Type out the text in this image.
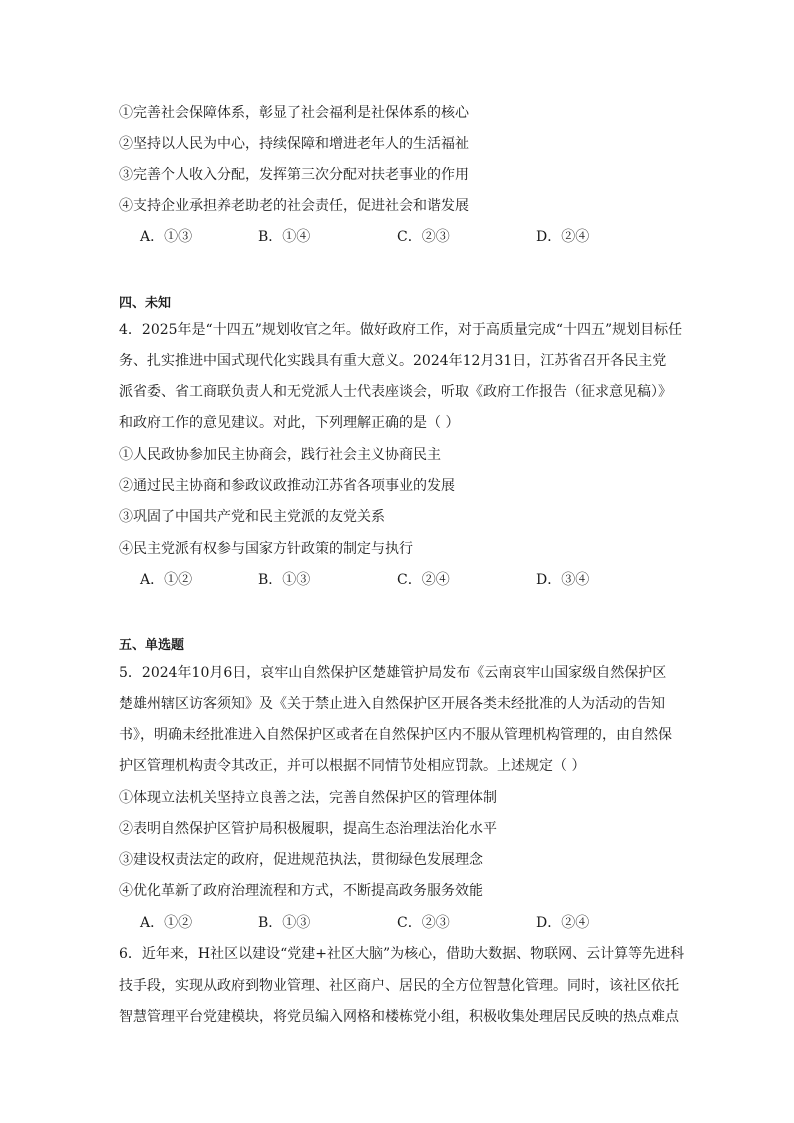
①完善社会保障体系，彰显了社会福利是社保体系的核心
②坚持以人民为中心，持续保障和增进老年人的生活福祉
③完善个人收入分配，发挥第三次分配对扶老事业的作用
④支持企业承担养老助老的社会责任，促进社会和谐发展
A．①③	B．①④	C．②③	D．②④
四、未知
4．2025年是“十四五”规划收官之年。做好政府工作，对于高质量完成“十四五”规划目标任
务、扎实推进中国式现代化实践具有重大意义。2024年12月31日，江苏省召开各民主党
派省委、省工商联负责人和无党派人士代表座谈会，听取《政府工作报告（征求意见稿）》
和政府工作的意见建议。对此，下列理解正确的是（ ）
①人民政协参加民主协商会，践行社会主义协商民主
②通过民主协商和参政议政推动江苏省各项事业的发展
③巩固了中国共产党和民主党派的友党关系
④民主党派有权参与国家方针政策的制定与执行
A．①②	B．①③	C．②④	D．③④
五、单选题
5．2024年10月6日，哀牢山自然保护区楚雄管护局发布《云南哀牢山国家级自然保护区
楚雄州辖区访客须知》及《关于禁止进入自然保护区开展各类未经批准的人为活动的告知
书》，明确未经批准进入自然保护区或者在自然保护区内不服从管理机构管理的，由自然保
护区管理机构责令其改正，并可以根据不同情节处相应罚款。上述规定（ ）
①体现立法机关坚持立良善之法，完善自然保护区的管理体制
②表明自然保护区管护局积极履职，提高生态治理法治化水平
③建设权责法定的政府，促进规范执法，贯彻绿色发展理念
④优化革新了政府治理流程和方式，不断提高政务服务效能
A．①②	B．①③	C．②③	D．②④
6．近年来，H社区以建设“党建+社区大脑”为核心，借助大数据、物联网、云计算等先进科
技手段，实现从政府到物业管理、社区商户、居民的全方位智慧化管理。同时，该社区依托
智慧管理平台党建模块，将党员编入网格和楼栋党小组，积极收集处理居民反映的热点难点
